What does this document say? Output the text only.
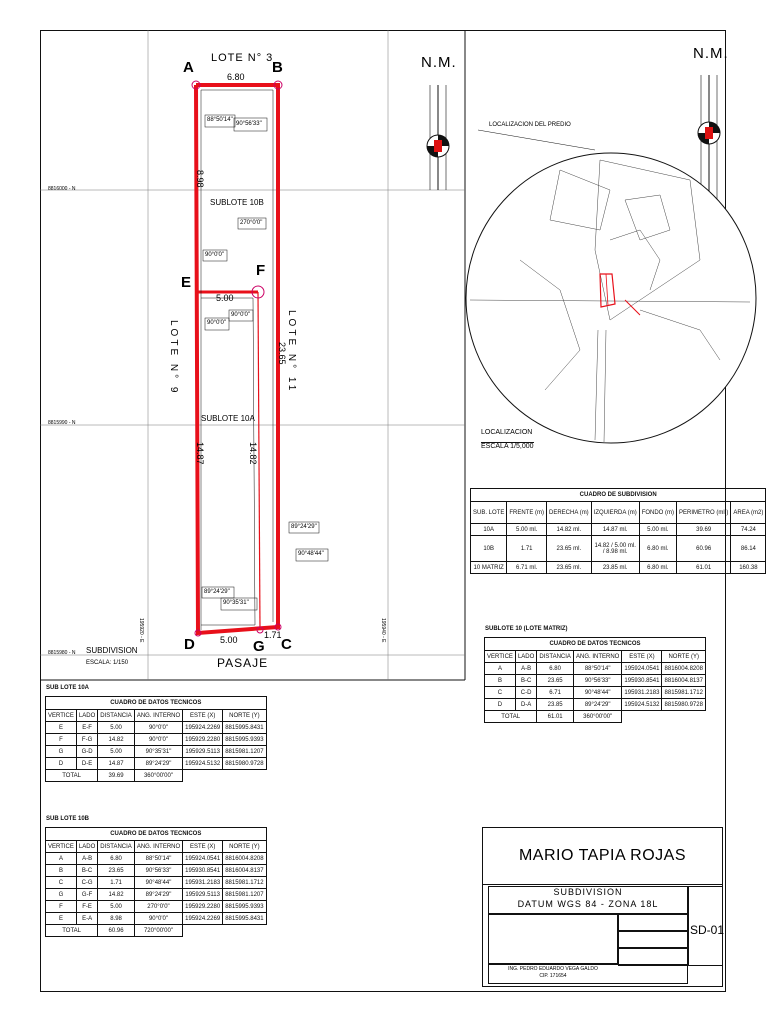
LOTE N° 3
A	B
6.80
88°50'14"
90°56'33"
8.98
SUBLOTE 10B
270°0'0"
90°0'0"
E
F
5.00
90°0'0"
90°0'0"
LOTE N° 9	LOTE N° 11
23.65
SUBLOTE 10A
14.87	14.82
89°24'29"
90°48'44"
89°24'29"
90°35'31"
D	5.00 G
1.71
C
PASAJE
N.M.
N.M.
8816000 - N
8815990 - N
8815980 - N
195920 - E	195940 - E
SUBDIVISION
ESCALA: 1/150
LOCALIZACION DEL PREDIO
LOCALIZACION
ESCALA 1/5,000
CUADRO DE SUBDIVISION						
SUB. LOTE	FRENTE (m)	DERECHA (m)	IZQUIERDA (m)	FONDO (m)	PERIMETRO (ml.)	AREA (m2)
10A	5.00 ml.	14.82 ml.	14.87 ml.	5.00 ml.	39.69	74.24
10B	1.71	23.65 ml.	14.82 / 5.00 ml. / 8.98 ml.	6.80 ml.	60.96	86.14
10 MATRIZ	6.71 ml.	23.65 ml.	23.85 ml.	6.80 ml.	61.01	160.38
SUBLOTE 10 (LOTE MATRIZ)
CUADRO DE DATOS TECNICOS					
VERTICE	LADO	DISTANCIA	ANG. INTERNO	ESTE (X)	NORTE (Y)
A	A-B	6.80	88°50'14"	195924.0541	8816004.8208
B	B-C	23.65	90°56'33"	195930.8541	8816004.8137
C	C-D	6.71	90°48'44"	195931.2183	8815981.1712
D	D-A	23.85	89°24'29"	195924.5132	8815980.9728
TOTAL		61.01	360°00'00"		
SUB LOTE 10A
CUADRO DE DATOS TECNICOS					
VERTICE	LADO	DISTANCIA	ANG. INTERNO	ESTE (X)	NORTE (Y)
E	E-F	5.00	90°0'0"	195924.2269	8815995.8431
F	F-G	14.82	90°0'0"	195929.2280	8815995.9393
G	G-D	5.00	90°35'31"	195929.5113	8815981.1207
D	D-E	14.87	89°24'29"	195924.5132	8815980.9728
TOTAL		39.69	360°00'00"		
SUB LOTE 10B
CUADRO DE DATOS TECNICOS					
VERTICE	LADO	DISTANCIA	ANG. INTERNO	ESTE (X)	NORTE (Y)
A	A-B	6.80	88°50'14"	195924.0541	8816004.8208
B	B-C	23.65	90°56'33"	195930.8541	8816004.8137
C	C-G	1.71	90°48'44"	195931.2183	8815981.1712
G	G-F	14.82	89°24'29"	195929.5113	8815981.1207
F	F-E	5.00	270°0'0"	195929.2280	8815995.9393
E	E-A	8.98	90°0'0"	195924.2269	8815995.8431
TOTAL		60.96	720°00'00"		
MARIO TAPIA ROJAS
SUBDIVISION
DATUM WGS 84 - ZONA 18L
SD-01
ING. PEDRO EDUARDO VEGA GALDO
CIP. 171654
